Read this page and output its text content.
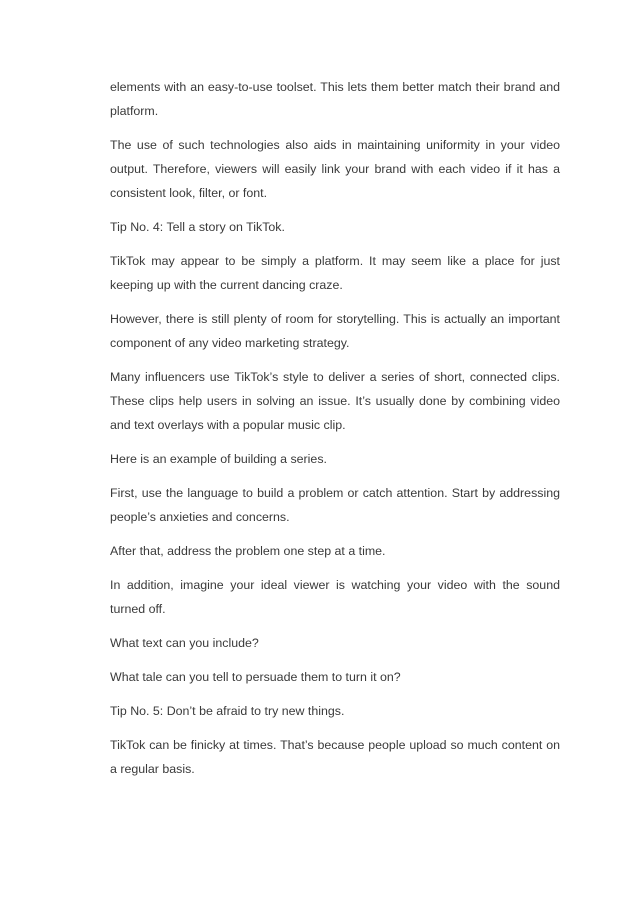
elements with an easy-to-use toolset. This lets them better match their brand and platform.

The use of such technologies also aids in maintaining uniformity in your video output. Therefore, viewers will easily link your brand with each video if it has a consistent look, filter, or font.

Tip No. 4: Tell a story on TikTok.

TikTok may appear to be simply a platform. It may seem like a place for just keeping up with the current dancing craze.

However, there is still plenty of room for storytelling. This is actually an important component of any video marketing strategy.

Many influencers use TikTok’s style to deliver a series of short, connected clips. These clips help users in solving an issue. It’s usually done by combining video and text overlays with a popular music clip.

Here is an example of building a series.

First, use the language to build a problem or catch attention. Start by addressing people’s anxieties and concerns.

After that, address the problem one step at a time.

In addition, imagine your ideal viewer is watching your video with the sound turned off.

What text can you include?

What tale can you tell to persuade them to turn it on?

Tip No. 5: Don’t be afraid to try new things.

TikTok can be finicky at times. That’s because people upload so much content on a regular basis.
